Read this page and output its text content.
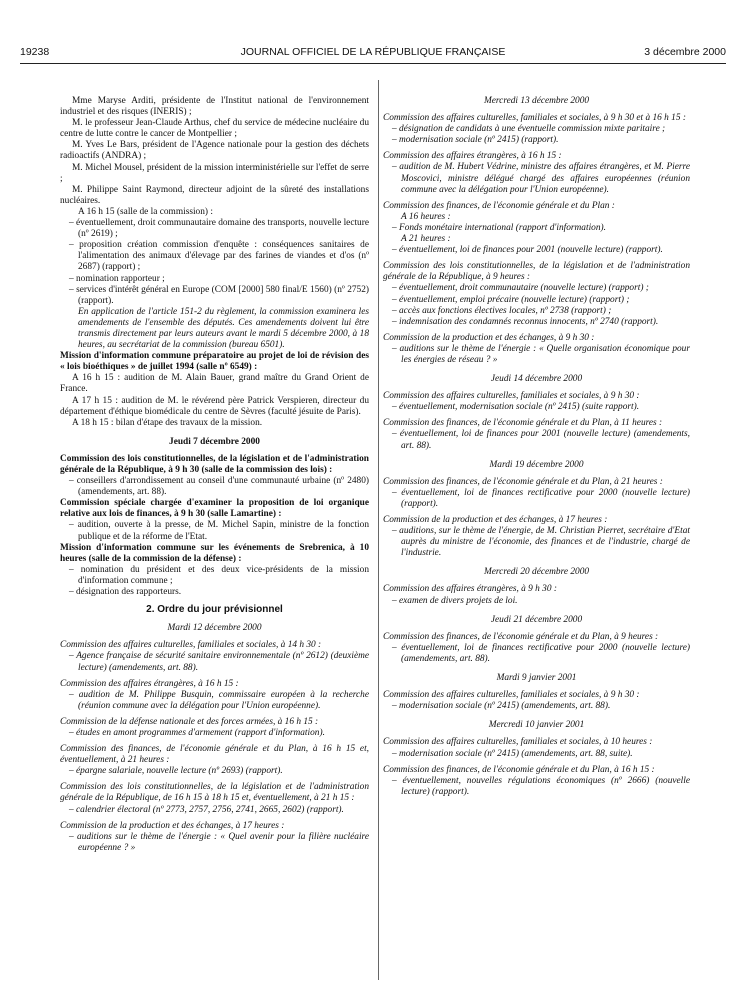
19238	JOURNAL OFFICIEL DE LA RÉPUBLIQUE FRANÇAISE	3 décembre 2000

Mme Maryse Arditi, présidente de l'Institut national de l'environnement industriel et des risques (INERIS) ;

M. le professeur Jean-Claude Arthus, chef du service de médecine nucléaire du centre de lutte contre le cancer de Montpellier ;

M. Yves Le Bars, président de l'Agence nationale pour la gestion des déchets radioactifs (ANDRA) ;

M. Michel Mousel, président de la mission interministérielle sur l'effet de serre ;

M. Philippe Saint Raymond, directeur adjoint de la sûreté des installations nucléaires.

A 16 h 15 (salle de la commission) :

– éventuellement, droit communautaire domaine des transports, nouvelle lecture (nº 2619) ;

– proposition création commission d'enquête : conséquences sanitaires de l'alimentation des animaux d'élevage par des farines de viandes et d'os (nº 2687) (rapport) ;

– nomination rapporteur ;

– services d'intérêt général en Europe (COM [2000] 580 final/E 1560) (nº 2752) (rapport).

En application de l'article 151-2 du règlement, la commission examinera les amendements de l'ensemble des députés. Ces amendements doivent lui être transmis directement par leurs auteurs avant le mardi 5 décembre 2000, à 18 heures, au secrétariat de la commission (bureau 6501).

Mission d'information commune préparatoire au projet de loi de révision des « lois bioéthiques » de juillet 1994 (salle nº 6549) :

A 16 h 15 : audition de M. Alain Bauer, grand maître du Grand Orient de France.

A 17 h 15 : audition de M. le révérend père Patrick Verspieren, directeur du département d'éthique biomédicale du centre de Sèvres (faculté jésuite de Paris).

A 18 h 15 : bilan d'étape des travaux de la mission.

Jeudi 7 décembre 2000

Commission des lois constitutionnelles, de la législation et de l'administration générale de la République, à 9 h 30 (salle de la commission des lois) :

– conseillers d'arrondissement au conseil d'une communauté urbaine (nº 2480) (amendements, art. 88).

Commission spéciale chargée d'examiner la proposition de loi organique relative aux lois de finances, à 9 h 30 (salle Lamartine) :

– audition, ouverte à la presse, de M. Michel Sapin, ministre de la fonction publique et de la réforme de l'Etat.

Mission d'information commune sur les événements de Srebrenica, à 10 heures (salle de la commission de la défense) :

– nomination du président et des deux vice-présidents de la mission d'information commune ;

– désignation des rapporteurs.

2. Ordre du jour prévisionnel

Mardi 12 décembre 2000

Commission des affaires culturelles, familiales et sociales, à 14 h 30 :

– Agence française de sécurité sanitaire environnementale (nº 2612) (deuxième lecture) (amendements, art. 88).

Commission des affaires étrangères, à 16 h 15 :

– audition de M. Philippe Busquin, commissaire européen à la recherche (réunion commune avec la délégation pour l'Union européenne).

Commission de la défense nationale et des forces armées, à 16 h 15 :

– études en amont programmes d'armement (rapport d'information).

Commission des finances, de l'économie générale et du Plan, à 16 h 15 et, éventuellement, à 21 heures :

– épargne salariale, nouvelle lecture (nº 2693) (rapport).

Commission des lois constitutionnelles, de la législation et de l'administration générale de la République, de 16 h 15 à 18 h 15 et, éventuellement, à 21 h 15 :

– calendrier électoral (nº 2773, 2757, 2756, 2741, 2665, 2602) (rapport).

Commission de la production et des échanges, à 17 heures :

– auditions sur le thème de l'énergie : « Quel avenir pour la filière nucléaire européenne ? »

Mercredi 13 décembre 2000

Commission des affaires culturelles, familiales et sociales, à 9 h 30 et à 16 h 15 :

– désignation de candidats à une éventuelle commission mixte paritaire ;

– modernisation sociale (nº 2415) (rapport).

Commission des affaires étrangères, à 16 h 15 :

– audition de M. Hubert Védrine, ministre des affaires étrangères, et M. Pierre Moscovici, ministre délégué chargé des affaires européennes (réunion commune avec la délégation pour l'Union européenne).

Commission des finances, de l'économie générale et du Plan :

A 16 heures :

– Fonds monétaire international (rapport d'information).

A 21 heures :

– éventuellement, loi de finances pour 2001 (nouvelle lecture) (rapport).

Commission des lois constitutionnelles, de la législation et de l'administration générale de la République, à 9 heures :

– éventuellement, droit communautaire (nouvelle lecture) (rapport) ;

– éventuellement, emploi précaire (nouvelle lecture) (rapport) ;

– accès aux fonctions électives locales, nº 2738 (rapport) ;

– indemnisation des condamnés reconnus innocents, nº 2740 (rapport).

Commission de la production et des échanges, à 9 h 30 :

– auditions sur le thème de l'énergie : « Quelle organisation économique pour les énergies de réseau ? »

Jeudi 14 décembre 2000

Commission des affaires culturelles, familiales et sociales, à 9 h 30 :

– éventuellement, modernisation sociale (nº 2415) (suite rapport).

Commission des finances, de l'économie générale et du Plan, à 11 heures :

– éventuellement, loi de finances pour 2001 (nouvelle lecture) (amendements, art. 88).

Mardi 19 décembre 2000

Commission des finances, de l'économie générale et du Plan, à 21 heures :

– éventuellement, loi de finances rectificative pour 2000 (nouvelle lecture) (rapport).

Commission de la production et des échanges, à 17 heures :

– auditions, sur le thème de l'énergie, de M. Christian Pierret, secrétaire d'Etat auprès du ministre de l'économie, des finances et de l'industrie, chargé de l'industrie.

Mercredi 20 décembre 2000

Commission des affaires étrangères, à 9 h 30 :

– examen de divers projets de loi.

Jeudi 21 décembre 2000

Commission des finances, de l'économie générale et du Plan, à 9 heures :

– éventuellement, loi de finances rectificative pour 2000 (nouvelle lecture) (amendements, art. 88).

Mardi 9 janvier 2001

Commission des affaires culturelles, familiales et sociales, à 9 h 30 :

– modernisation sociale (nº 2415) (amendements, art. 88).

Mercredi 10 janvier 2001

Commission des affaires culturelles, familiales et sociales, à 10 heures :

– modernisation sociale (nº 2415) (amendements, art. 88, suite).

Commission des finances, de l'économie générale et du Plan, à 16 h 15 :

– éventuellement, nouvelles régulations économiques (nº 2666) (nouvelle lecture) (rapport).
